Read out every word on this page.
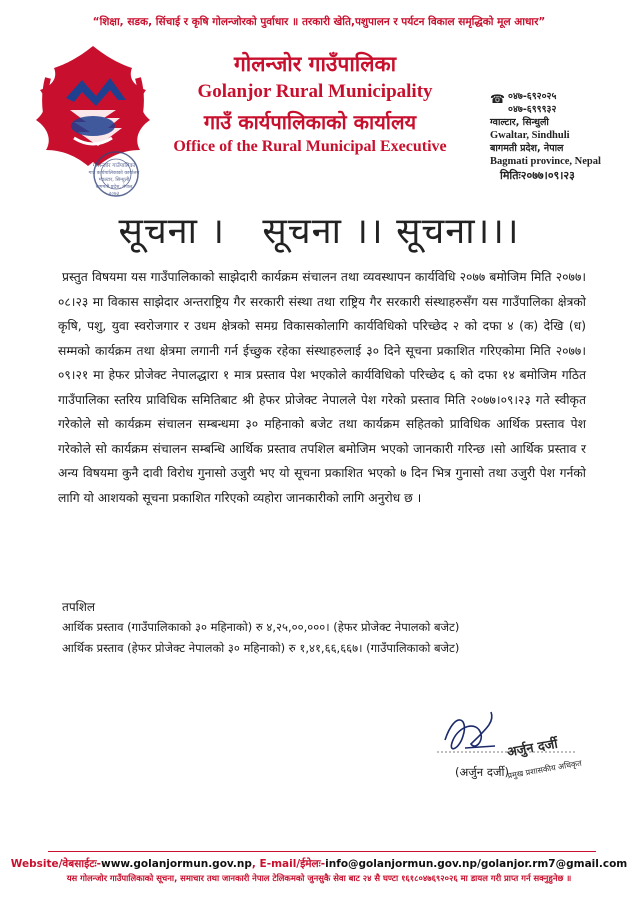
“शिक्षा, सडक, सिंचाई र कृषि गोलन्जोरको पुर्वाधार ॥ तरकारी खेति,पशुपालन र पर्यटन विकाल समृद्धिको मूल आधार”
गोलन्जोर गाउँपालिका
गाउँ कार्यपालिकाको कार्यालय
ग्वाल्टार, सिन्धुली
बागमती प्रदेश, नेपाल
२०७३
गोलन्जोर गाउँपालिका
Golanjor Rural Municipality
गाउँ कार्यपालिकाको कार्यालय
Office of the Rural Municipal Executive
☎ ०४७-६९२०२५
०४७-६९९९३२
ग्वाल्टार, सिन्धुली
Gwaltar, Sindhuli
बागमती प्रदेश, नेपाल
Bagmati province, Nepal
मितिः२०७७।०९।२३
सूचना ।   सूचना ।। सूचना।।।

प्रस्तुत विषयमा यस गाउँपालिकाको साझेदारी कार्यक्रम संचालन तथा व्यवस्थापन कार्यविधि २०७७ बमोजिम मिति २०७७।०८।२३ मा विकास साझेदार अन्तराष्ट्रिय गैर सरकारी संस्था तथा राष्ट्रिय गैर सरकारी संस्थाहरुसँग यस गाउँपालिका क्षेत्रको कृषि, पशु, युवा स्वरोजगार र उधम क्षेत्रको समग्र विकासकोलागि कार्यविधिको परिच्छेद २ को दफा ४ (क) देखि (ध) सम्मको कार्यक्रम तथा क्षेत्रमा लगानी गर्न ईच्छुक रहेका संस्थाहरुलाई ३० दिने सूचना प्रकाशित गरिएकोमा मिति २०७७।०९।२१ मा हेफर प्रोजेक्ट नेपालद्धारा १ मात्र प्रस्ताव पेश भएकोले कार्यविधिको परिच्छेद ६ को दफा १४ बमोजिम गठित गाउँपालिका स्तरिय प्राविधिक समितिबाट श्री हेफर प्रोजेक्ट नेपालले पेश गरेको प्रस्ताव मिति २०७७।०९।२३ गते स्वीकृत गरेकोले सो कार्यक्रम संचालन सम्बन्धमा ३० महिनाको बजेट तथा कार्यक्रम सहितको प्राविधिक आर्थिक प्रस्ताव पेश गरेकोले सो कार्यक्रम संचालन सम्बन्धि आर्थिक प्रस्ताव तपशिल बमोजिम भएको जानकारी गरिन्छ ।सो आर्थिक प्रस्ताव र अन्य विषयमा कुनै दावी विरोध गुनासो उजुरी भए यो सूचना प्रकाशित भएको ७ दिन भित्र गुनासो तथा उजुरी पेश गर्नको लागि यो आशयको सूचना प्रकाशित गरिएको व्यहोरा जानकारीको लागि अनुरोध छ ।

तपशिल
आर्थिक प्रस्ताव (गाउँपालिकाको ३० महिनाको) रु ४,२५,००,०००। (हेफर प्रोजेक्ट नेपालको बजेट)
आर्थिक प्रस्ताव (हेफर प्रोजेक्ट नेपालको ३० महिनाको) रु १,४१,६६,६६७। (गाउँपालिकाको बजेट)
अर्जुन दर्जी
प्रमुख प्रशासकीय अधिकृत
(अर्जुन दर्जी)
Website/वेबसाईटः-www.golanjormun.gov.np, E-mail/ईमेलः-info@golanjormun.gov.np/golanjor.rm7@gmail.com
यस गोलन्जोर गाउँपालिकाको सूचना, समाचार तथा जानकारी नेपाल टेलिकमको जुनसुकै सेवा बाट २४ सै घण्टा १६१८०४७६९२०२६ मा डायल गरी प्राप्त गर्न सक्नुहुनेछ ॥
